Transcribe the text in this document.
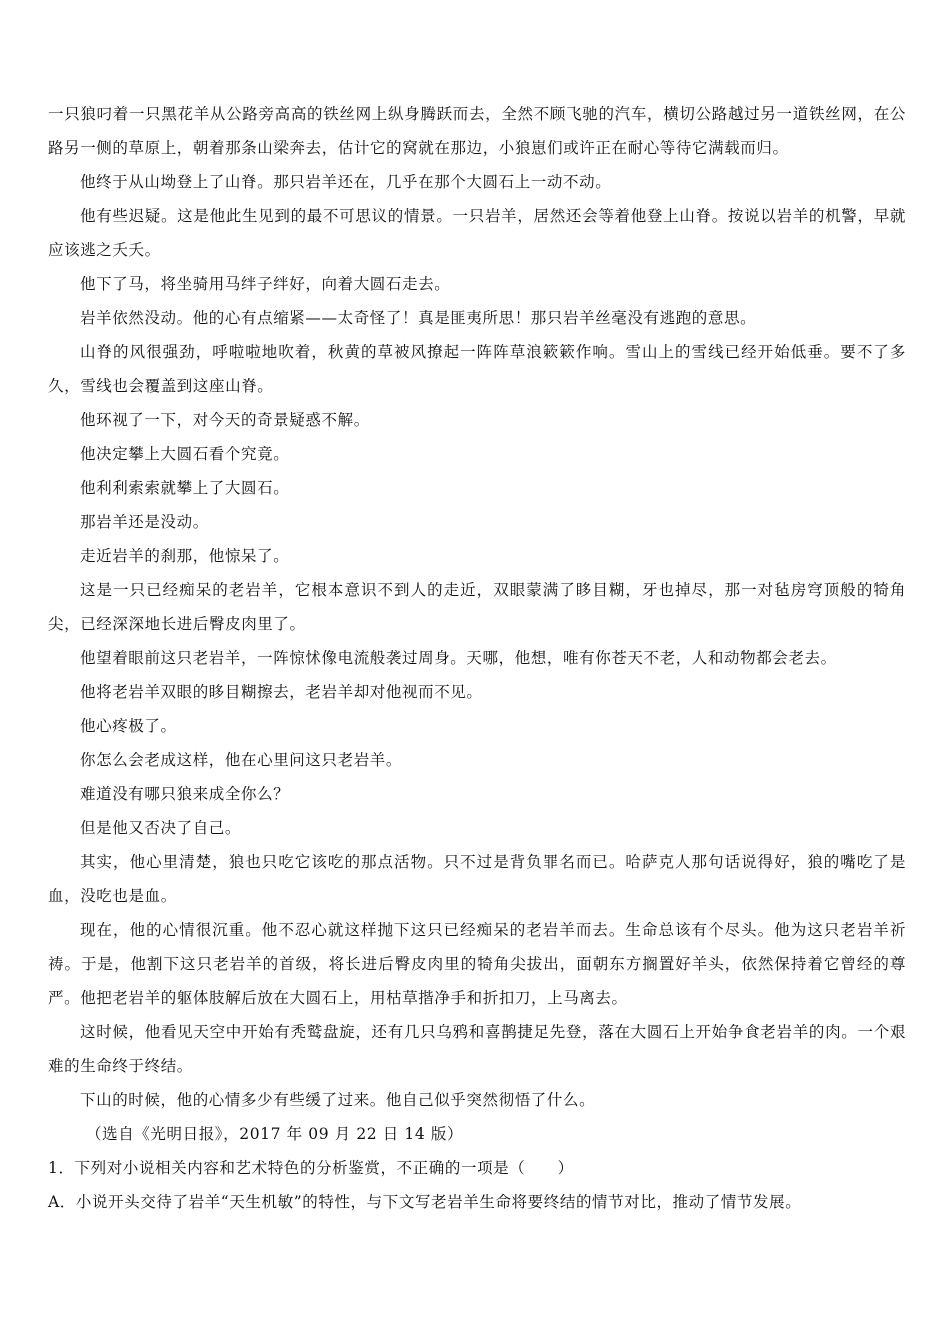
一只狼叼着一只黑花羊从公路旁高高的铁丝网上纵身腾跃而去，全然不顾飞驰的汽车，横切公路越过另一道铁丝网，在公路另一侧的草原上，朝着那条山梁奔去，估计它的窝就在那边，小狼崽们或许正在耐心等待它满载而归。

他终于从山坳登上了山脊。那只岩羊还在，几乎在那个大圆石上一动不动。

他有些迟疑。这是他此生见到的最不可思议的情景。一只岩羊，居然还会等着他登上山脊。按说以岩羊的机警，早就应该逃之夭夭。

他下了马，将坐骑用马绊子绊好，向着大圆石走去。

岩羊依然没动。他的心有点缩紧——太奇怪了！真是匪夷所思！那只岩羊丝毫没有逃跑的意思。

山脊的风很强劲，呼啦啦地吹着，秋黄的草被风撩起一阵阵草浪簌簌作响。雪山上的雪线已经开始低垂。要不了多久，雪线也会覆盖到这座山脊。

他环视了一下，对今天的奇景疑惑不解。

他决定攀上大圆石看个究竟。

他利利索索就攀上了大圆石。

那岩羊还是没动。

走近岩羊的刹那，他惊呆了。

这是一只已经痴呆的老岩羊，它根本意识不到人的走近，双眼蒙满了眵目糊，牙也掉尽，那一对毡房穹顶般的犄角尖，已经深深地长进后臀皮肉里了。

他望着眼前这只老岩羊，一阵惊怵像电流般袭过周身。天哪，他想，唯有你苍天不老，人和动物都会老去。

他将老岩羊双眼的眵目糊擦去，老岩羊却对他视而不见。

他心疼极了。

你怎么会老成这样，他在心里问这只老岩羊。

难道没有哪只狼来成全你么？

但是他又否决了自己。

其实，他心里清楚，狼也只吃它该吃的那点活物。只不过是背负罪名而已。哈萨克人那句话说得好，狼的嘴吃了是血，没吃也是血。

现在，他的心情很沉重。他不忍心就这样抛下这只已经痴呆的老岩羊而去。生命总该有个尽头。他为这只老岩羊祈祷。于是，他割下这只老岩羊的首级，将长进后臀皮肉里的犄角尖拔出，面朝东方搁置好羊头，依然保持着它曾经的尊严。他把老岩羊的躯体肢解后放在大圆石上，用枯草揩净手和折扣刀，上马离去。

这时候，他看见天空中开始有秃鹫盘旋，还有几只乌鸦和喜鹊捷足先登，落在大圆石上开始争食老岩羊的肉。一个艰难的生命终于终结。

下山的时候，他的心情多少有些缓了过来。他自己似乎突然彻悟了什么。

（选自《光明日报》，2017 年 09 月 22 日 14 版）

1．下列对小说相关内容和艺术特色的分析鉴赏，不正确的一项是（　　）

A．小说开头交待了岩羊“天生机敏”的特性，与下文写老岩羊生命将要终结的情节对比，推动了情节发展。
